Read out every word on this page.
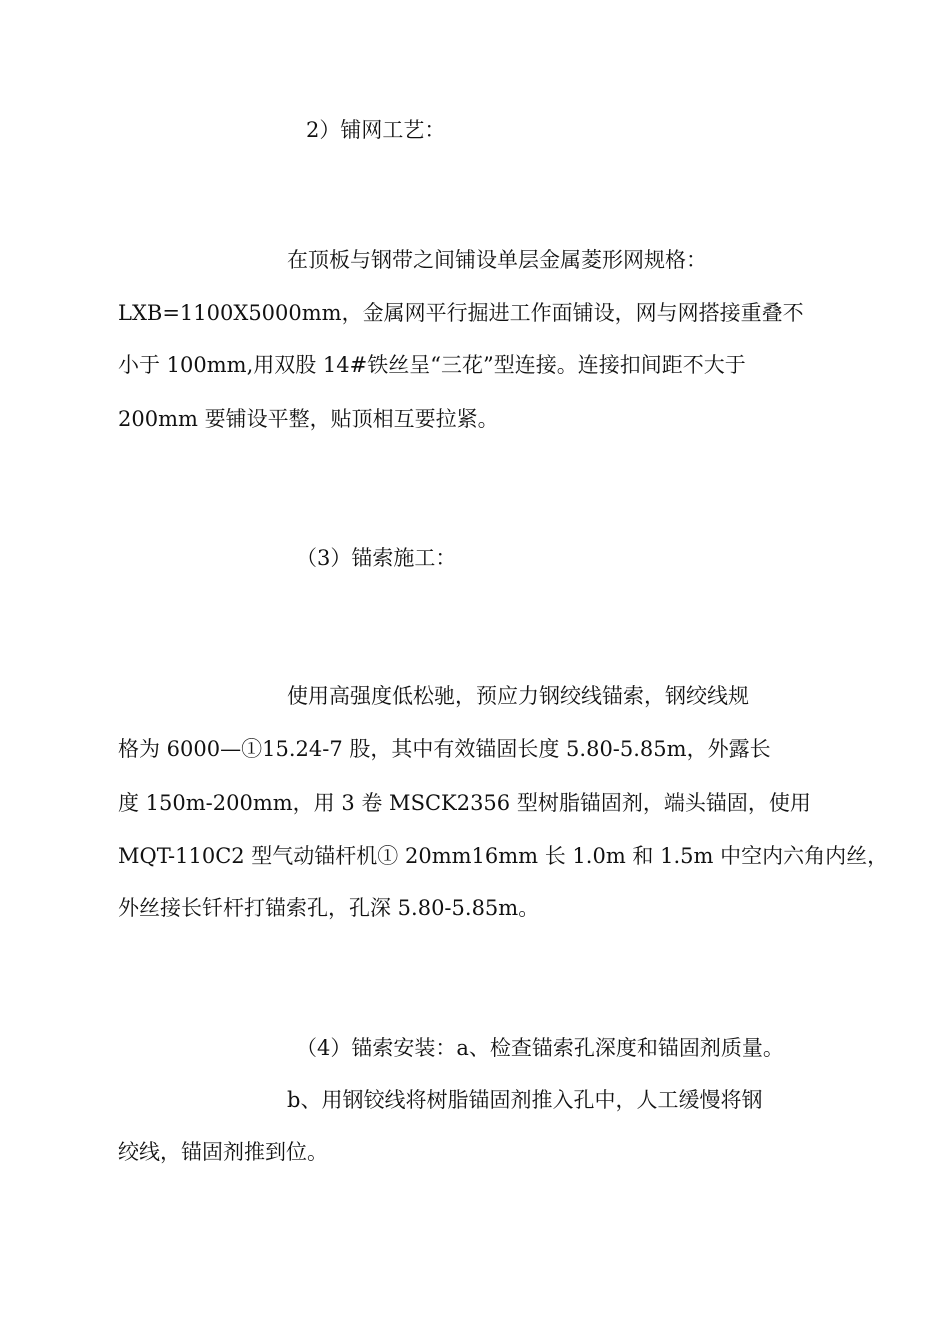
2）铺网工艺：
在顶板与钢带之间铺设单层金属菱形网规格：
LXB=1100X5000mm，金属网平行掘进工作面铺设，网与网搭接重叠不
小于 100mm,用双股 14#铁丝呈“三花”型连接。连接扣间距不大于
200mm 要铺设平整，贴顶相互要拉紧。
（3）锚索施工：
使用高强度低松驰，预应力钢绞线锚索，钢绞线规
格为 6000—①15.24-7 股，其中有效锚固长度 5.80-5.85m，外露长
度 150m-200mm，用 3 卷 MSCK2356 型树脂锚固剂，端头锚固，使用
MQT-110C2 型气动锚杆机① 20mm16mm 长 1.0m 和 1.5m 中空内六角内丝，
外丝接长钎杆打锚索孔，孔深 5.80-5.85m。
（4）锚索安装：a、检查锚索孔深度和锚固剂质量。
b、用钢铰线将树脂锚固剂推入孔中，人工缓慢将钢
绞线，锚固剂推到位。
